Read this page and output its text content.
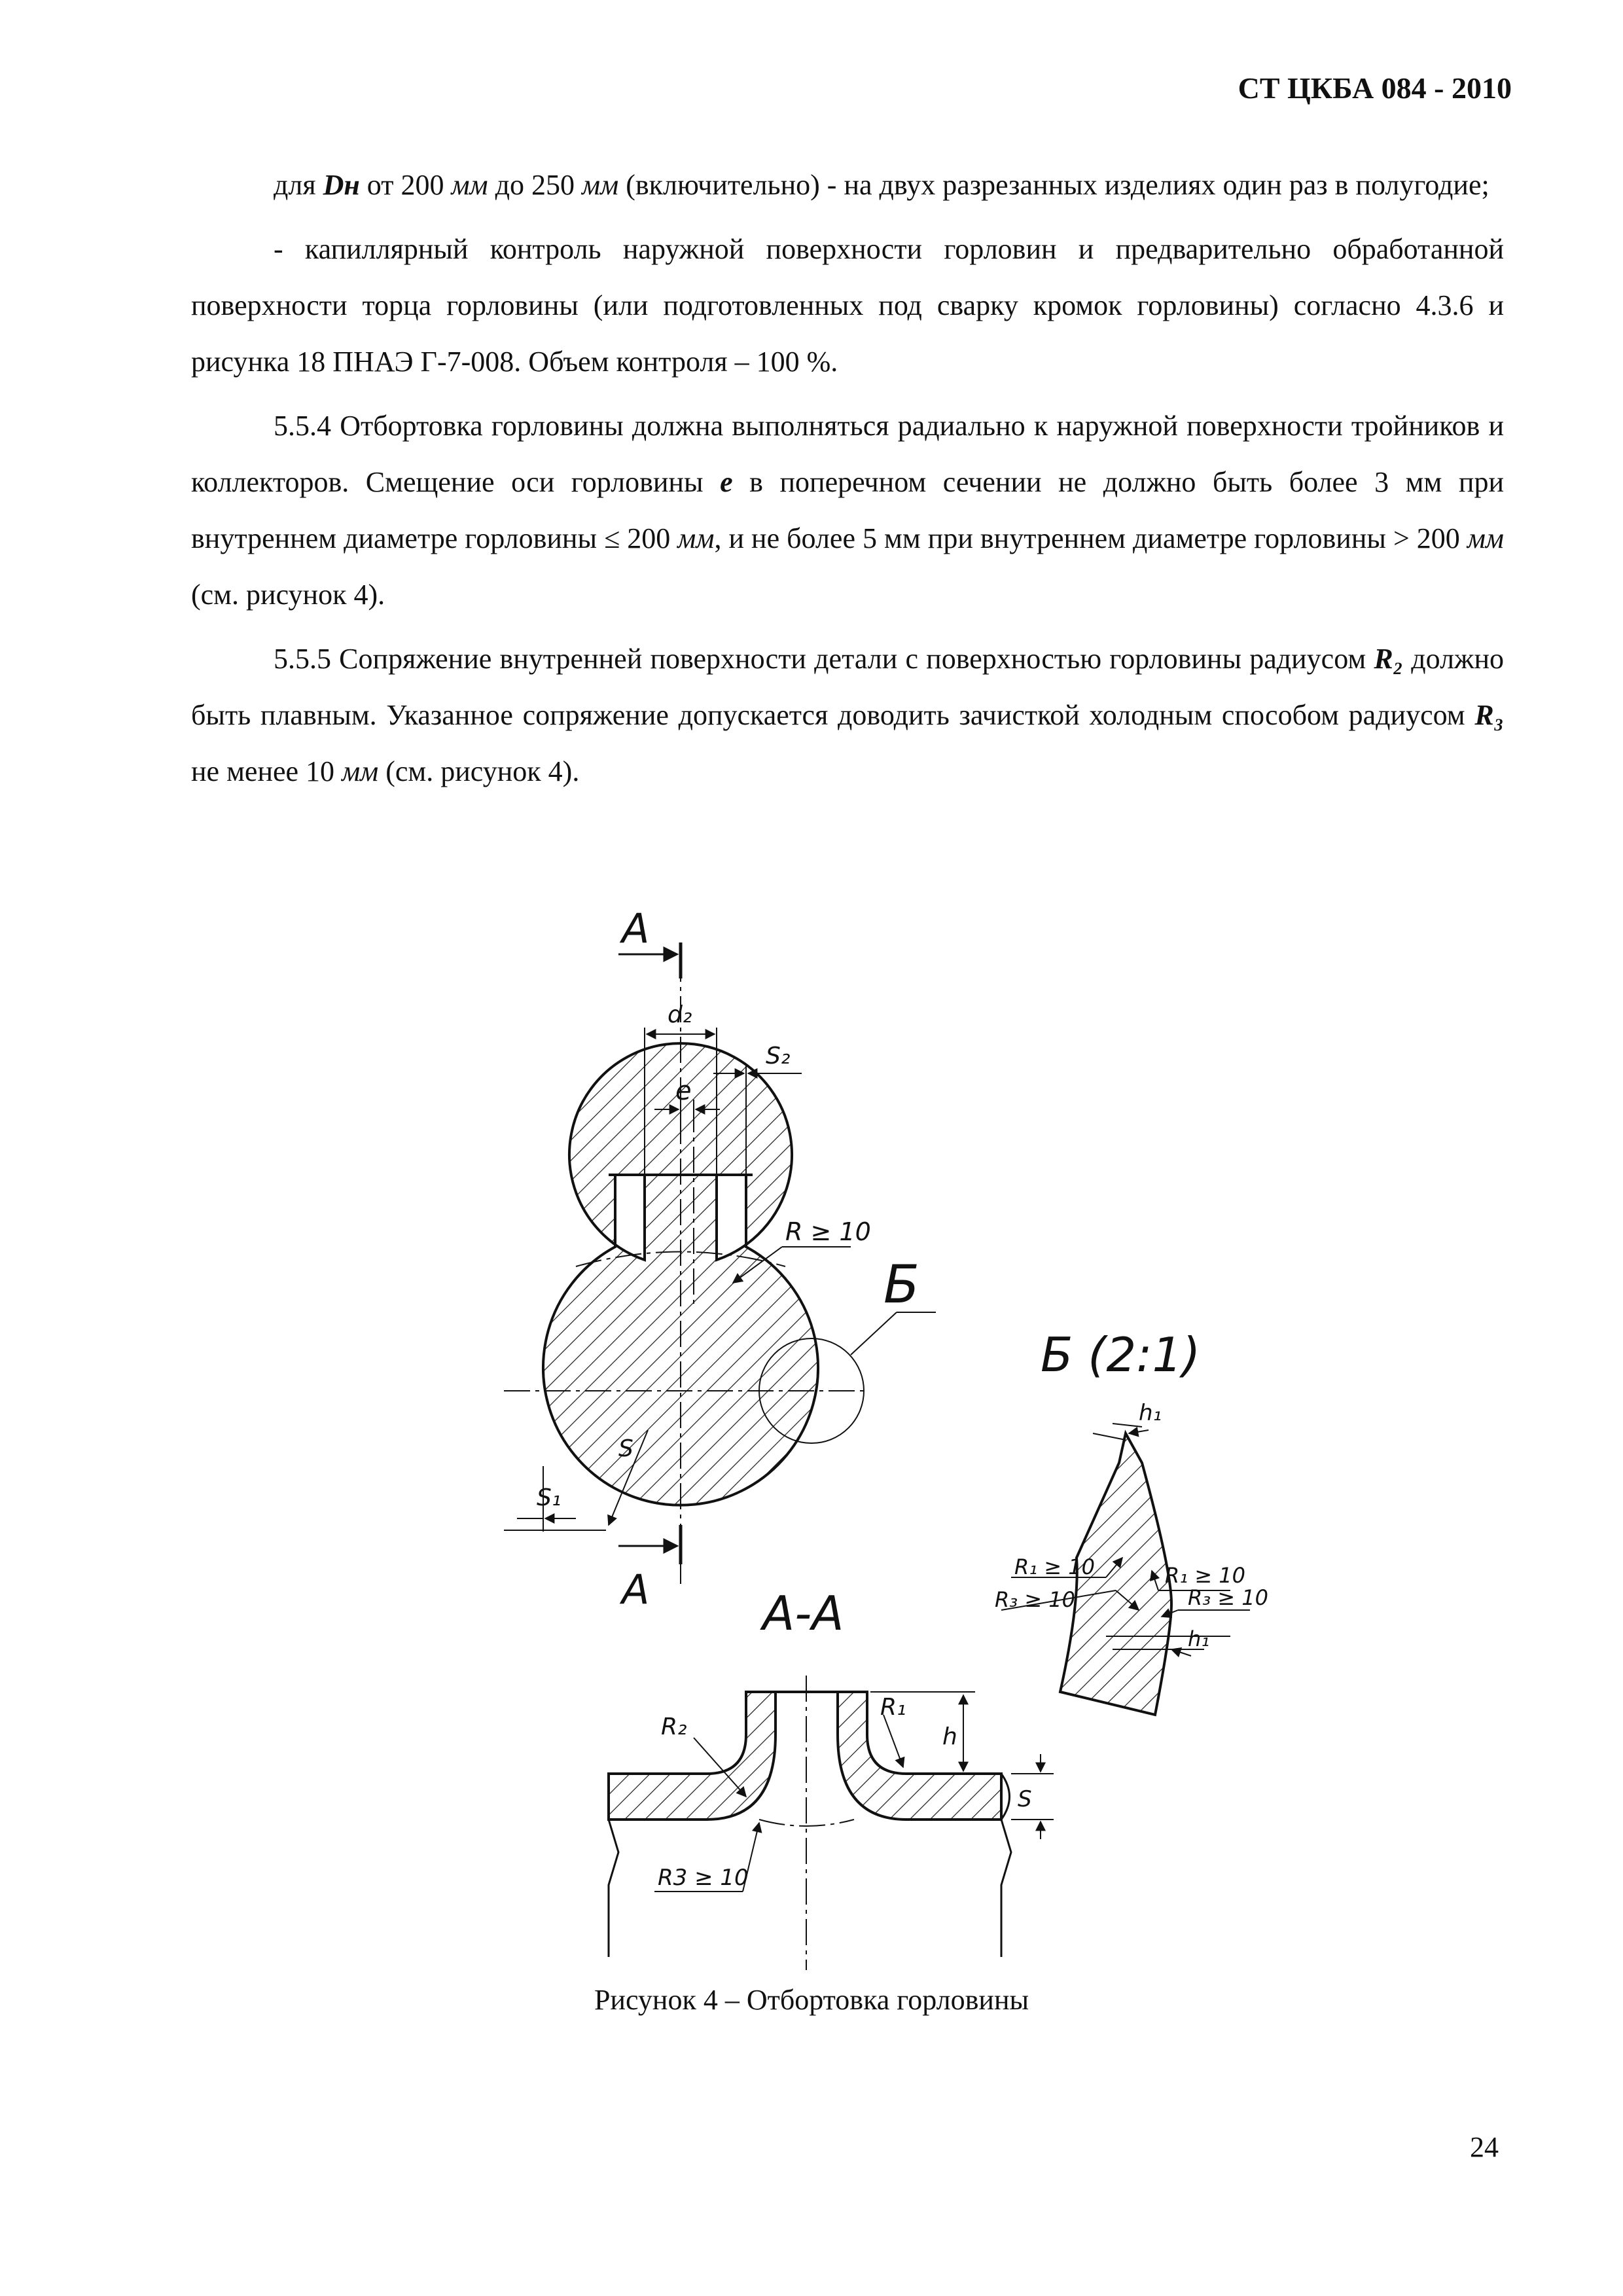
СТ ЦКБА 084 - 2010

для Dн от 200 мм до 250 мм (включительно) - на двух разрезанных изделиях один раз в полугодие;

- капиллярный контроль наружной поверхности горловин и предварительно обработанной поверхности торца горловины (или подготовленных под сварку кромок горловины) согласно 4.3.6 и рисунка 18 ПНАЭ Г-7-008. Объем контроля – 100 %.

5.5.4 Отбортовка горловины должна выполняться радиально к наружной поверхности тройников и коллекторов. Смещение оси горловины е в поперечном сечении не должно быть более 3 мм при внутреннем диаметре горловины ≤ 200 мм, и не более 5 мм при внутреннем диаметре горловины > 200 мм (см. рисунок 4).

5.5.5 Сопряжение внутренней поверхности детали с поверхностью горловины радиусом R₂ должно быть плавным. Указанное сопряжение допускается доводить зачисткой холодным способом радиусом R₃ не менее 10 мм (см. рисунок 4).

А
А
d₂
S₂
е
R ≥ 10
Б
S
S₁
А-А
R₂
R₁
h
S
R3 ≥ 10
Б (2:1)
h₁
R₁ ≥ 10	R₁ ≥ 10
R₃ ≥ 10	R₃ ≥ 10
h₁
Рисунок 4 – Отбортовка горловины
24
